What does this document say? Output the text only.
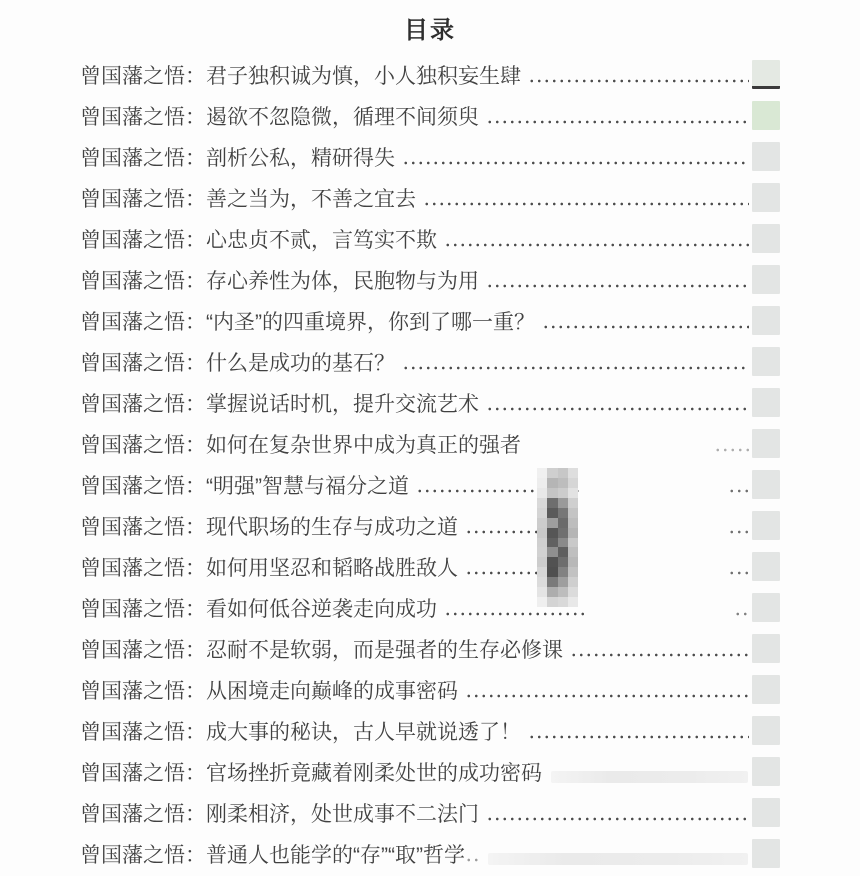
目录
曾国藩之悟：君子独积诚为慎，小人独积妄生肆
曾国藩之悟：遏欲不忽隐微，循理不间须臾
曾国藩之悟：剖析公私，精研得失
曾国藩之悟：善之当为，不善之宜去
曾国藩之悟：心忠贞不贰，言笃实不欺
曾国藩之悟：存心养性为体，民胞物与为用
曾国藩之悟：“内圣”的四重境界，你到了哪一重？
曾国藩之悟：什么是成功的基石？
曾国藩之悟：掌握说话时机，提升交流艺术
曾国藩之悟：如何在复杂世界中成为真正的强者
曾国藩之悟：“明强”智慧与福分之道
曾国藩之悟：现代职场的生存与成功之道
曾国藩之悟：如何用坚忍和韬略战胜敌人
曾国藩之悟：看如何低谷逆袭走向成功
曾国藩之悟：忍耐不是软弱，而是强者的生存必修课
曾国藩之悟：从困境走向巅峰的成事密码
曾国藩之悟：成大事的秘诀，古人早就说透了！
曾国藩之悟：官场挫折竟藏着刚柔处世的成功密码
曾国藩之悟：刚柔相济，处世成事不二法门
曾国藩之悟：普通人也能学的“存”“取”哲学
